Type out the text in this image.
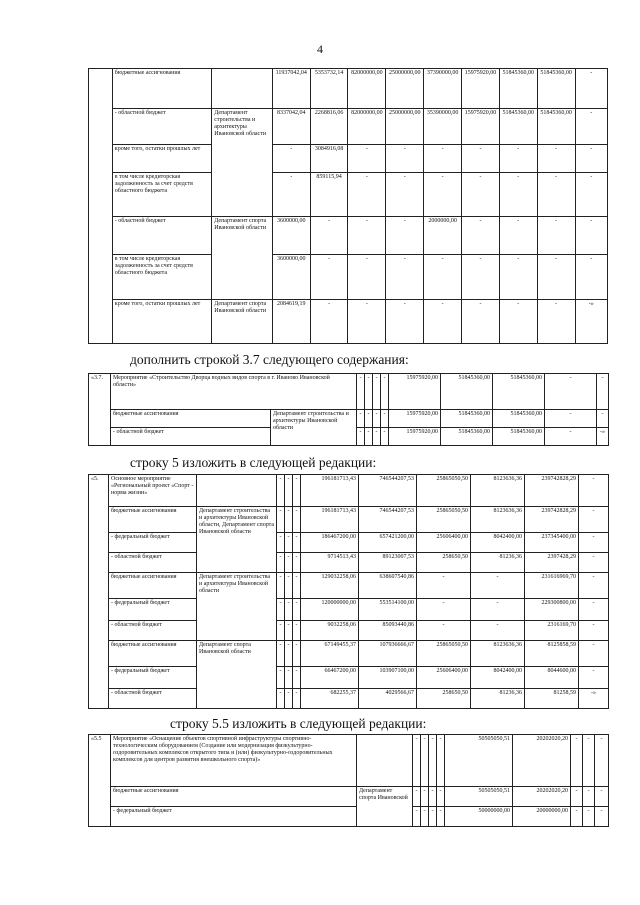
4
	бюджетные ассигнования		11937042,04	5353732,14	82000000,00	25000000,00	37390000,00	15975920,00	51845360,00	51845360,00	-
	- областной бюджет	Департамент строительства и архитектуры Ивановской области	8337042,04	2268816,06	82000000,00	25000000,00	35390000,00	15975920,00	51845360,00	51845360,00	-
	кроме того, остатки прошлых лет		-	3084916,08	-	-	-	-	-	-	-
	в том числе кредиторская задолженность за счет средств областного бюджета		-	859115,94	-	-	-	-	-	-	-
	- областной бюджет	Департамент спорта Ивановской области	3600000,00	-	-	-	2000000,00	-	-	-	-
	в том числе кредиторская задолженность за счет средств областного бюджета		3600000,00	-	-	-	-	-	-	-	-
	кроме того, остатки прошлых лет	Департамент спорта Ивановской области	2084619,19	-	-	-	-	-	-	-	-»
дополнить строкой 3.7 следующего содержания:
«3.7.	Мероприятие «Строительство Дворца водных видов спорта в г. Иваново Ивановской области»		-	-	-	-	15975920,00	51845360,00	51845360,00	-	-
	бюджетные ассигнования	Департамент строительства и архитектуры Ивановской области	-	-	-	-	15975920,00	51845360,00	51845360,00	-	-
	- областной бюджет		-	-	-	-	15975920,00	51845360,00	51845360,00	-	-»
строку 5 изложить в следующей редакции:
«5.	Основное мероприятие «Региональный проект «Спорт - норма жизни»		-	-	-	196181713,43	746544207,53	25865050,50	8123636,36	239742828,29	-
	бюджетные ассигнования	Департамент строительства и архитектуры Ивановской области, Департамент спорта Ивановской области	-	-	-	196181713,43	746544207,53	25865050,50	8123636,36	239742828,29	-
	- федеральный бюджет		-	-	-	186467200,00	657421200,00	25606400,00	8042400,00	237345400,00	-
	- областной бюджет		-	-	-	9714513,43	89123007,53	258650,50	81236,36	2397428,29	-
	бюджетные ассигнования	Департамент строительства и архитектуры Ивановской области	-	-	-	129032258,06	638607540,86	-	-	231616969,70	-
	- федеральный бюджет		-	-	-	120000000,00	553514100,00	-	-	229300800,00	-
	- областной бюджет		-	-	-	9032258,06	85093440,86	-	-	2316169,70	-
	бюджетные ассигнования	Департамент спорта Ивановской области	-	-	-	67149455,37	107936666,67	25865050,50	8123636,36	8125858,59	-
	- федеральный бюджет		-	-	-	66467200,00	103907100,00	25606400,00	8042400,00	8044600,00	-
	- областной бюджет		-	-	-	682255,37	4029566,67	258650,50	81236,36	81258,59	-»
строку 5.5 изложить в следующей редакции:
«5.5	Мероприятие «Оснащение объектов спортивной инфраструктуры спортивно-технологическим оборудованием (Создание или модернизация физкультурно-оздоровительных комплексов открытого типа и (или) физкультурно-оздоровительных комплексов для центров развития внешкольного спорта)»		-	-	-	-	50505050,51	20202020,20	-	-	-
	бюджетные ассигнования	Департамент спорта Ивановской	-	-	-	-	50505050,51	20202020,20	-	-	-
	- федеральный бюджет		-	-	-	-	50000000,00	20000000,00	-	-	-
